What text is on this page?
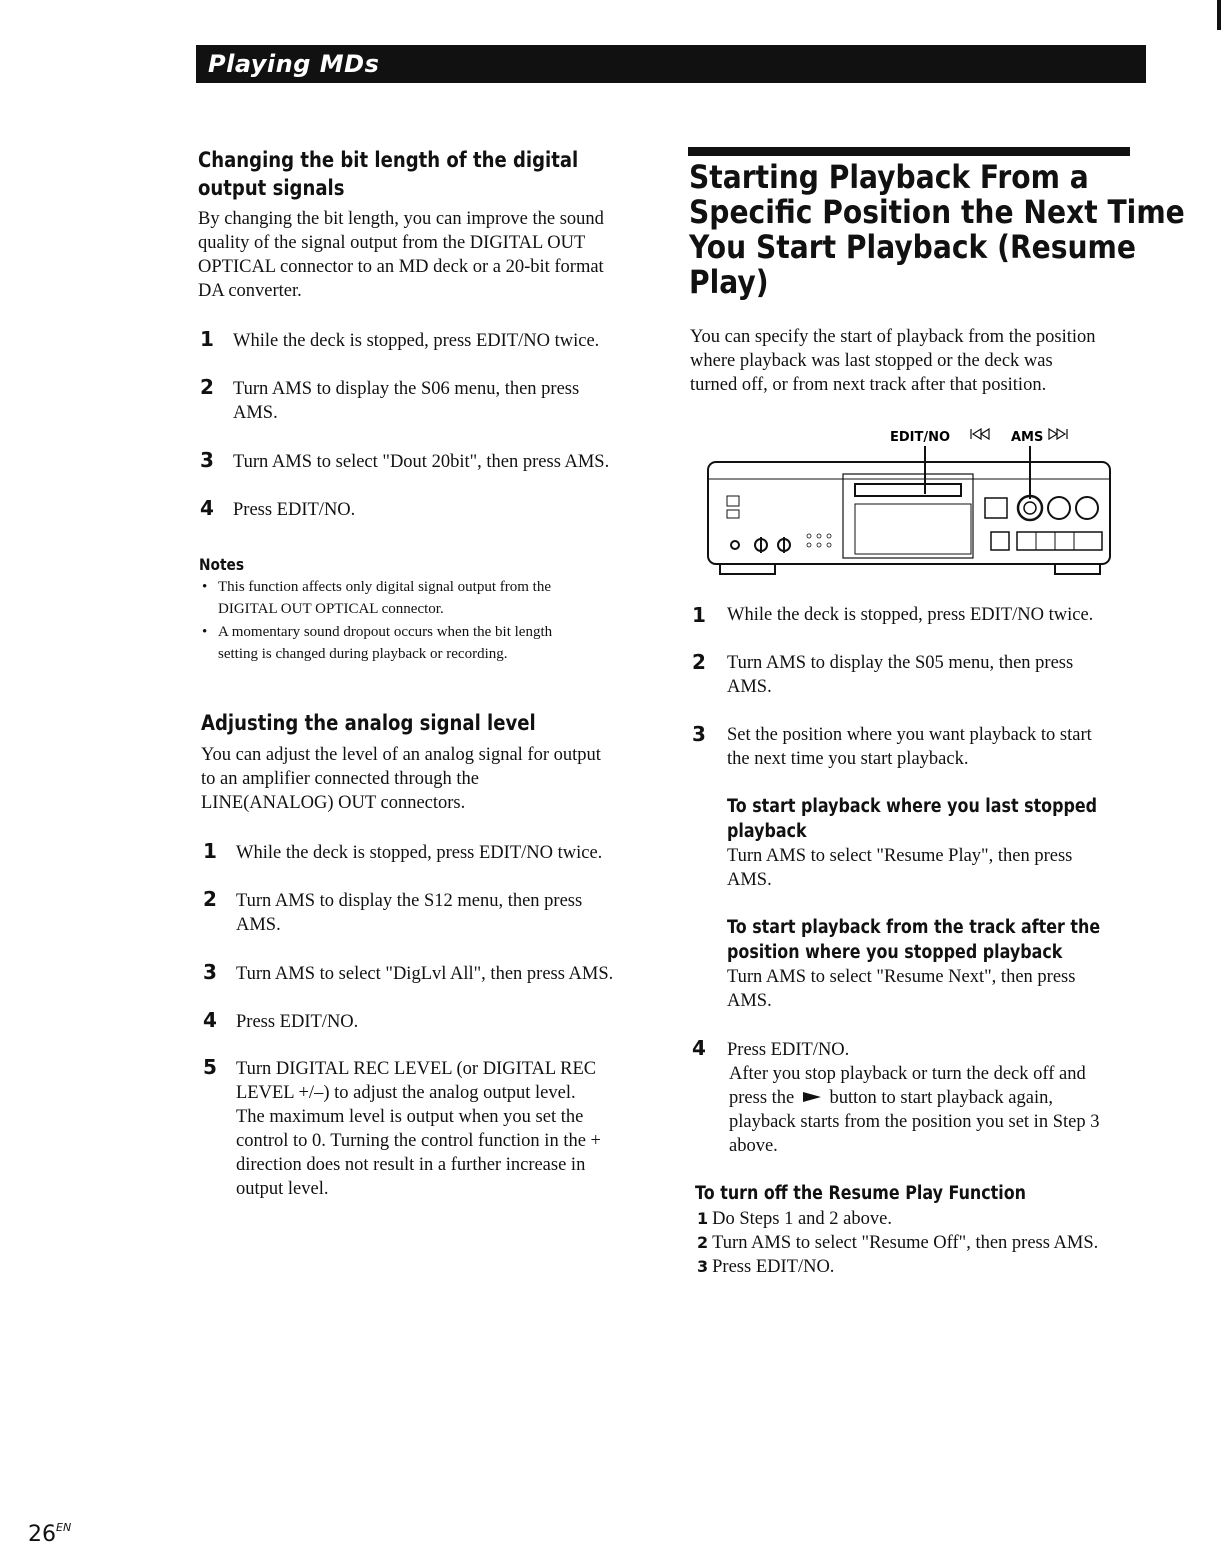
Playing MDs
Changing the bit length of the digital
output signals
By changing the bit length, you can improve the sound
quality of the signal output from the DIGITAL OUT
OPTICAL connector to an MD deck or a 20-bit format
DA converter.
1 While the deck is stopped, press EDIT/NO twice.
2 Turn AMS to display the S06 menu, then press
AMS.
3 Turn AMS to select "Dout 20bit", then press AMS.
4 Press EDIT/NO.
Notes
• This function affects only digital signal output from the
DIGITAL OUT OPTICAL connector.
• A momentary sound dropout occurs when the bit length
setting is changed during playback or recording.
Adjusting the analog signal level
You can adjust the level of an analog signal for output
to an amplifier connected through the
LINE(ANALOG) OUT connectors.
1 While the deck is stopped, press EDIT/NO twice.
2 Turn AMS to display the S12 menu, then press
AMS.
3 Turn AMS to select "DigLvl All", then press AMS.
4 Press EDIT/NO.
5 Turn DIGITAL REC LEVEL (or DIGITAL REC
LEVEL +/–) to adjust the analog output level.
The maximum level is output when you set the
control to 0. Turning the control function in the +
direction does not result in a further increase in
output level.
Starting Playback From a
Specific Position the Next Time
You Start Playback (Resume
Play)
You can specify the start of playback from the position
where playback was last stopped or the deck was
turned off, or from next track after that position.
EDIT/NO	AMS
1 While the deck is stopped, press EDIT/NO twice.
2 Turn AMS to display the S05 menu, then press
AMS.
3 Set the position where you want playback to start
the next time you start playback.
To start playback where you last stopped
playback
Turn AMS to select "Resume Play", then press
AMS.
To start playback from the track after the
position where you stopped playback
Turn AMS to select "Resume Next", then press
AMS.
4 Press EDIT/NO.
After you stop playback or turn the deck off and
press the button to start playback again,
playback starts from the position you set in Step 3
above.
To turn off the Resume Play Function
1 Do Steps 1 and 2 above.
2 Turn AMS to select "Resume Off", then press AMS.
3 Press EDIT/NO.
$26^{EN}$
